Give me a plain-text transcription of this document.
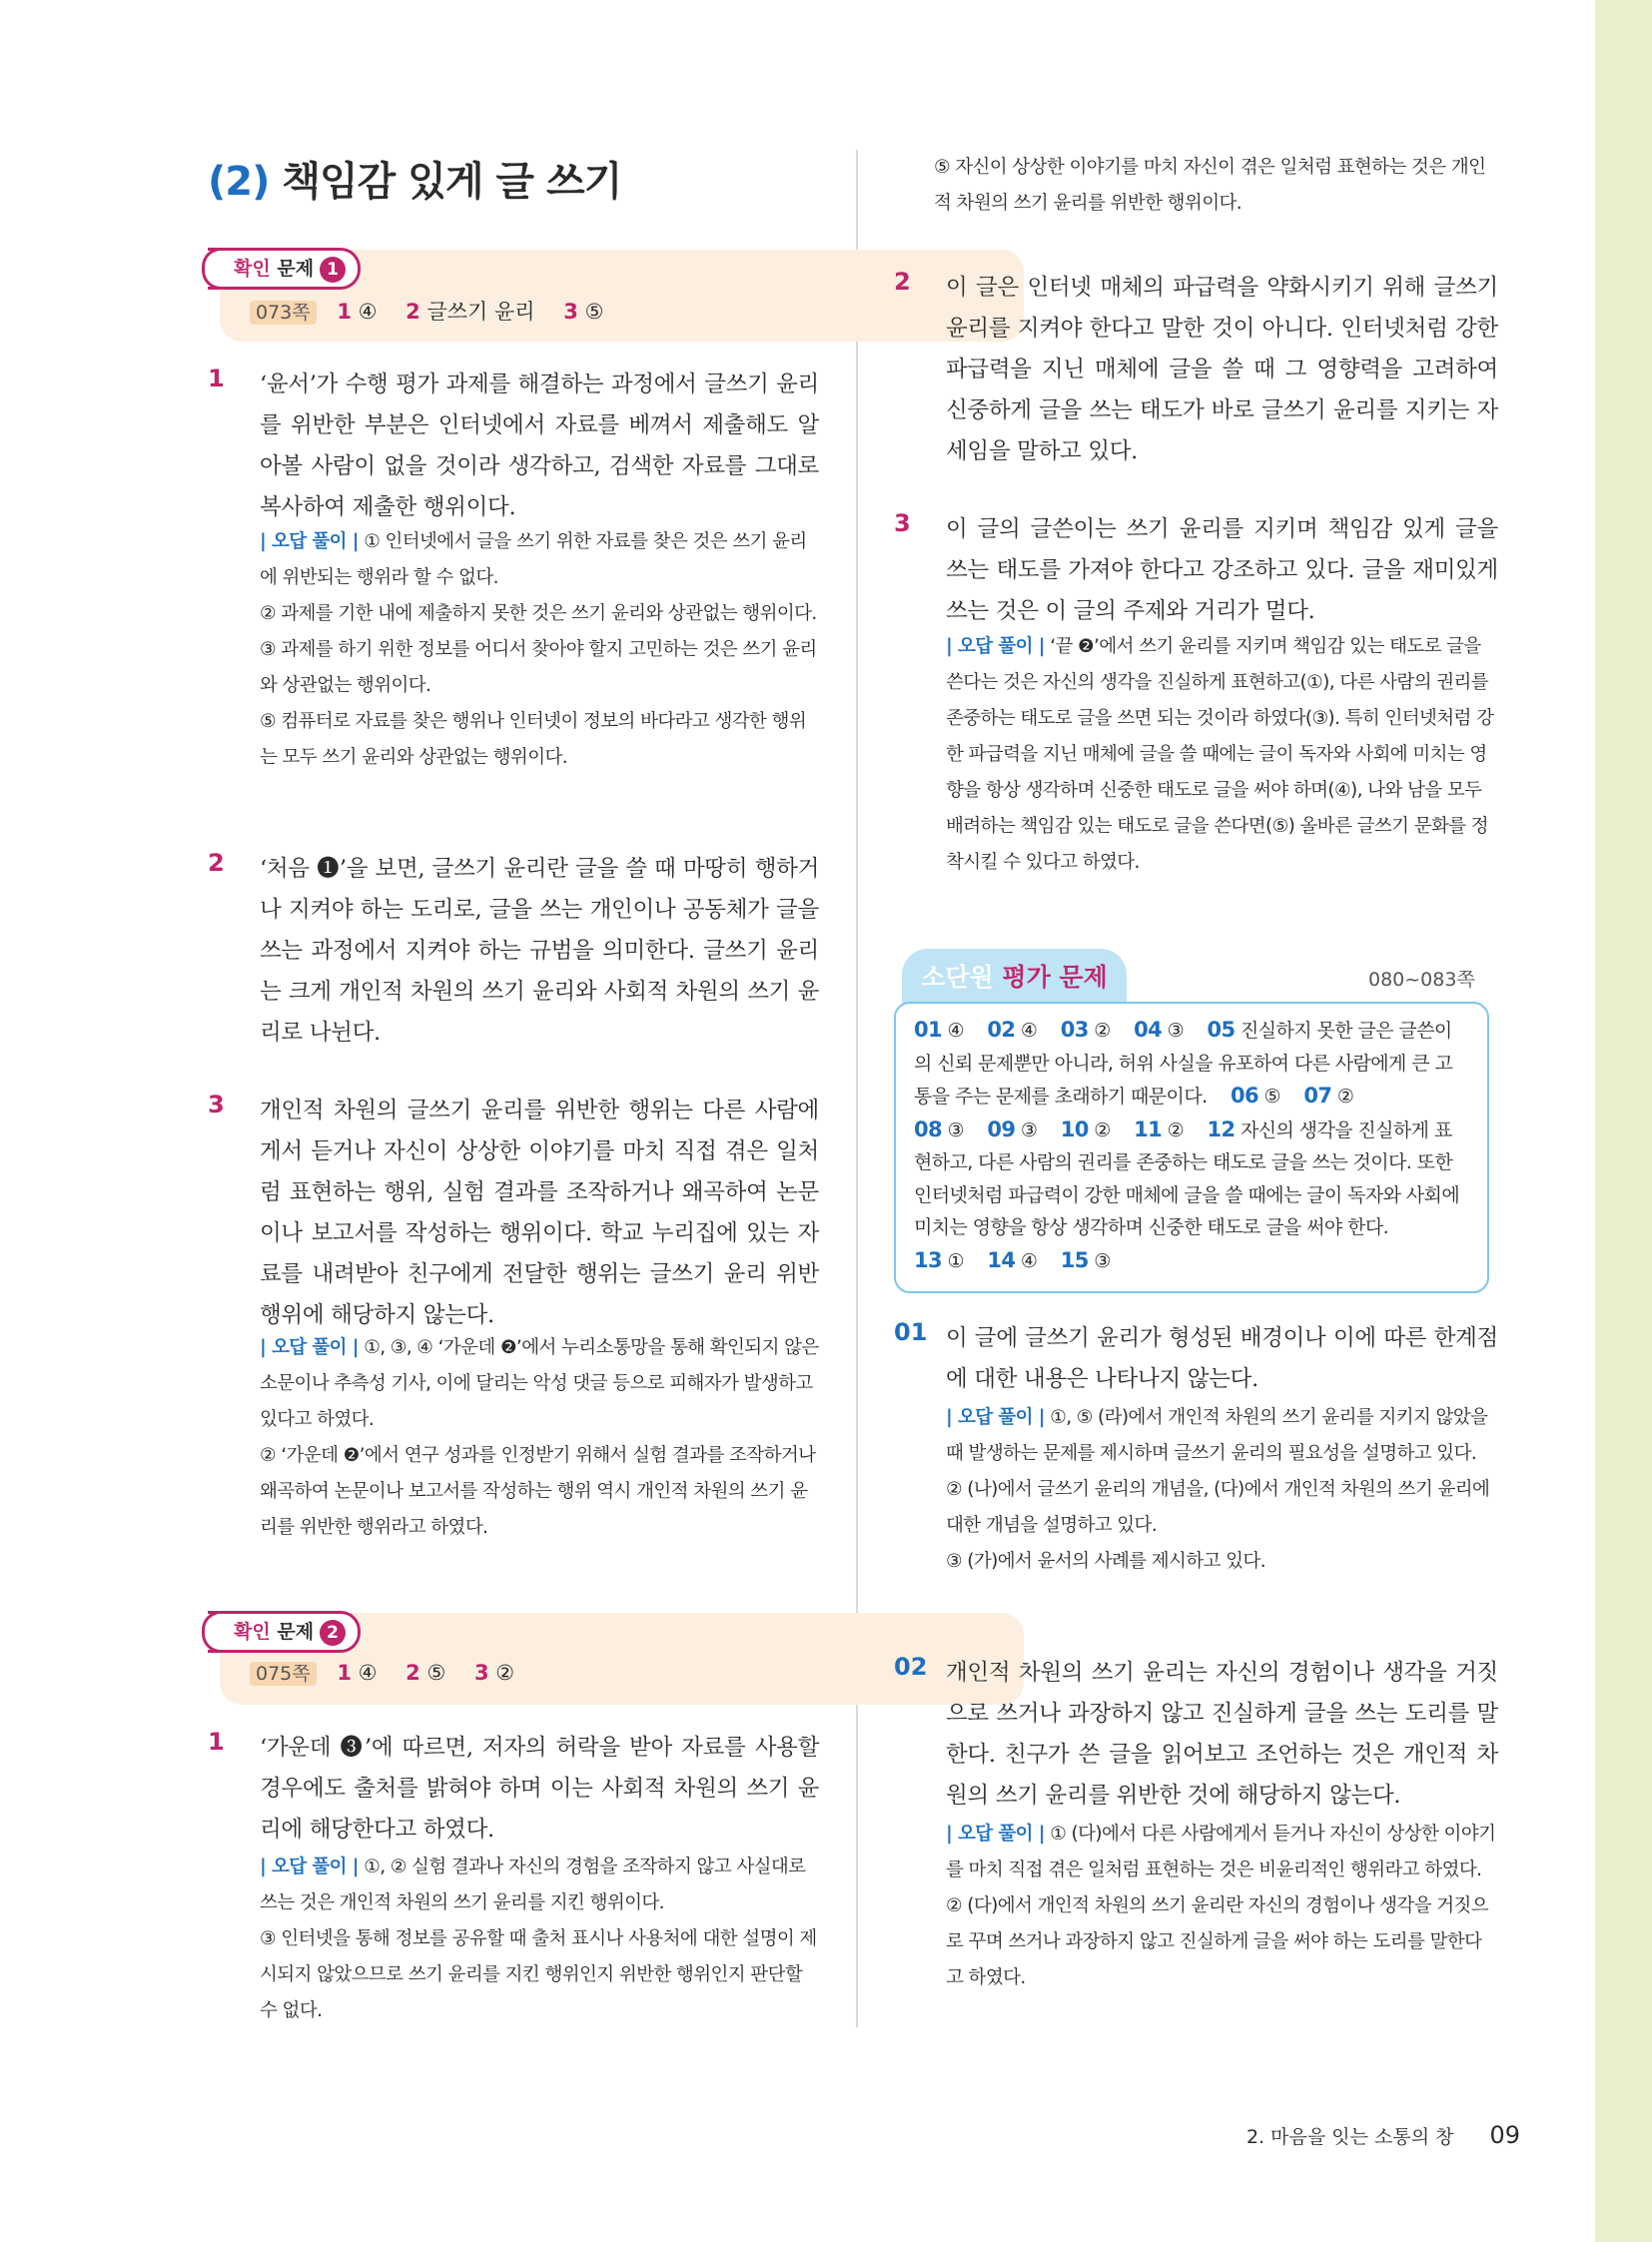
(2) 책임감 있게 글 쓰기
확인 문제 1
073쪽 1 ④ 2 글쓰기 윤리 3 ⑤
1 ‘윤서’가 수행 평가 과제를 해결하는 과정에서 글쓰기 윤리를 위반한 부분은 인터넷에서 자료를 베껴서 제출해도 알아볼 사람이 없을 것이라 생각하고, 검색한 자료를 그대로 복사하여 제출한 행위이다.

| 오답 풀이 | ① 인터넷에서 글을 쓰기 위한 자료를 찾은 것은 쓰기 윤리에 위반되는 행위라 할 수 없다.

② 과제를 기한 내에 제출하지 못한 것은 쓰기 윤리와 상관없는 행위이다.

③ 과제를 하기 위한 정보를 어디서 찾아야 할지 고민하는 것은 쓰기 윤리와 상관없는 행위이다.

⑤ 컴퓨터로 자료를 찾은 행위나 인터넷이 정보의 바다라고 생각한 행위는 모두 쓰기 윤리와 상관없는 행위이다.

2 ‘처음 ❶’을 보면, 글쓰기 윤리란 글을 쓸 때 마땅히 행하거나 지켜야 하는 도리로, 글을 쓰는 개인이나 공동체가 글을 쓰는 과정에서 지켜야 하는 규범을 의미한다. 글쓰기 윤리는 크게 개인적 차원의 쓰기 윤리와 사회적 차원의 쓰기 윤리로 나뉜다.
3 개인적 차원의 글쓰기 윤리를 위반한 행위는 다른 사람에게서 듣거나 자신이 상상한 이야기를 마치 직접 겪은 일처럼 표현하는 행위, 실험 결과를 조작하거나 왜곡하여 논문이나 보고서를 작성하는 행위이다. 학교 누리집에 있는 자료를 내려받아 친구에게 전달한 행위는 글쓰기 윤리 위반 행위에 해당하지 않는다.

| 오답 풀이 | ①, ③, ④ ‘가운데 ❷’에서 누리소통망을 통해 확인되지 않은 소문이나 추측성 기사, 이에 달리는 악성 댓글 등으로 피해자가 발생하고 있다고 하였다.

② ‘가운데 ❷’에서 연구 성과를 인정받기 위해서 실험 결과를 조작하거나 왜곡하여 논문이나 보고서를 작성하는 행위 역시 개인적 차원의 쓰기 윤리를 위반한 행위라고 하였다.

확인 문제 2
075쪽 1 ④ 2 ⑤ 3 ②
1 ‘가운데 ❸’에 따르면, 저자의 허락을 받아 자료를 사용할 경우에도 출처를 밝혀야 하며 이는 사회적 차원의 쓰기 윤리에 해당한다고 하였다.

| 오답 풀이 | ①, ② 실험 결과나 자신의 경험을 조작하지 않고 사실대로 쓰는 것은 개인적 차원의 쓰기 윤리를 지킨 행위이다.

③ 인터넷을 통해 정보를 공유할 때 출처 표시나 사용처에 대한 설명이 제시되지 않았으므로 쓰기 윤리를 지킨 행위인지 위반한 행위인지 판단할 수 없다.

⑤ 자신이 상상한 이야기를 마치 자신이 겪은 일처럼 표현하는 것은 개인적 차원의 쓰기 윤리를 위반한 행위이다.

2 이 글은 인터넷 매체의 파급력을 약화시키기 위해 글쓰기 윤리를 지켜야 한다고 말한 것이 아니다. 인터넷처럼 강한 파급력을 지닌 매체에 글을 쓸 때 그 영향력을 고려하여 신중하게 글을 쓰는 태도가 바로 글쓰기 윤리를 지키는 자세임을 말하고 있다.
3 이 글의 글쓴이는 쓰기 윤리를 지키며 책임감 있게 글을 쓰는 태도를 가져야 한다고 강조하고 있다. 글을 재미있게 쓰는 것은 이 글의 주제와 거리가 멀다.

| 오답 풀이 | ‘끝 ❷’에서 쓰기 윤리를 지키며 책임감 있는 태도로 글을 쓴다는 것은 자신의 생각을 진실하게 표현하고(①), 다른 사람의 권리를 존중하는 태도로 글을 쓰면 되는 것이라 하였다(③). 특히 인터넷처럼 강한 파급력을 지닌 매체에 글을 쓸 때에는 글이 독자와 사회에 미치는 영향을 항상 생각하며 신중한 태도로 글을 써야 하며(④), 나와 남을 모두 배려하는 책임감 있는 태도로 글을 쓴다면(⑤) 올바른 글쓰기 문화를 정착시킬 수 있다고 하였다.

소단원 평가 문제	080~083쪽
01 ④ 02 ④ 03 ② 04 ③ 05 진실하지 못한 글은 글쓴이의 신뢰 문제뿐만 아니라, 허위 사실을 유포하여 다른 사람에게 큰 고통을 주는 문제를 초래하기 때문이다. 06 ⑤ 07 ②
08 ③ 09 ③ 10 ② 11 ② 12 자신의 생각을 진실하게 표현하고, 다른 사람의 권리를 존중하는 태도로 글을 쓰는 것이다. 또한 인터넷처럼 파급력이 강한 매체에 글을 쓸 때에는 글이 독자와 사회에 미치는 영향을 항상 생각하며 신중한 태도로 글을 써야 한다.
13 ① 14 ④ 15 ③
01 이 글에 글쓰기 윤리가 형성된 배경이나 이에 따른 한계점에 대한 내용은 나타나지 않는다.

| 오답 풀이 | ①, ⑤ (라)에서 개인적 차원의 쓰기 윤리를 지키지 않았을 때 발생하는 문제를 제시하며 글쓰기 윤리의 필요성을 설명하고 있다.

② (나)에서 글쓰기 윤리의 개념을, (다)에서 개인적 차원의 쓰기 윤리에 대한 개념을 설명하고 있다.

③ (가)에서 윤서의 사례를 제시하고 있다.

02 개인적 차원의 쓰기 윤리는 자신의 경험이나 생각을 거짓으로 쓰거나 과장하지 않고 진실하게 글을 쓰는 도리를 말한다. 친구가 쓴 글을 읽어보고 조언하는 것은 개인적 차원의 쓰기 윤리를 위반한 것에 해당하지 않는다.

| 오답 풀이 | ① (다)에서 다른 사람에게서 듣거나 자신이 상상한 이야기를 마치 직접 겪은 일처럼 표현하는 것은 비윤리적인 행위라고 하였다.

② (다)에서 개인적 차원의 쓰기 윤리란 자신의 경험이나 생각을 거짓으로 꾸며 쓰거나 과장하지 않고 진실하게 글을 써야 하는 도리를 말한다고 하였다.

2. 마음을 잇는 소통의 창 09
